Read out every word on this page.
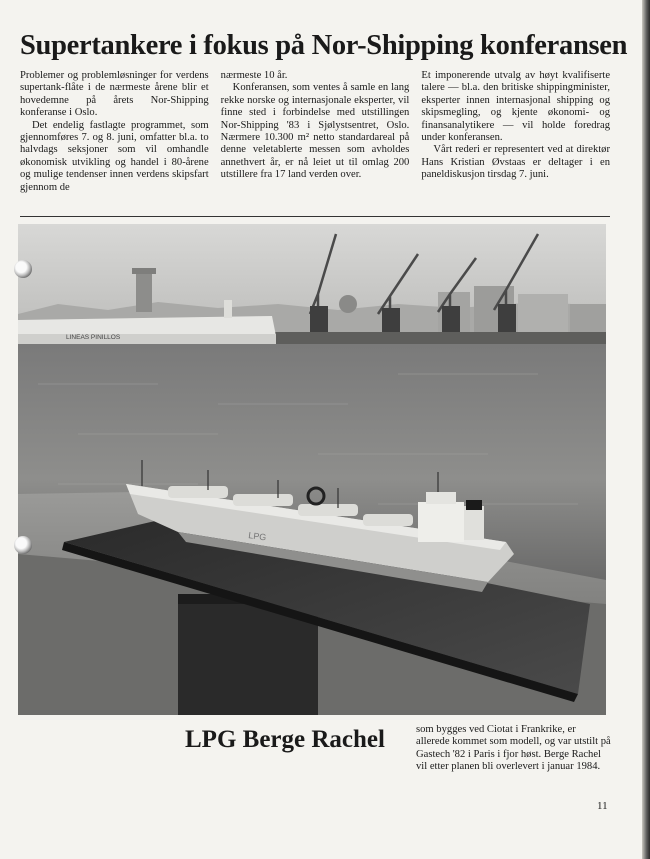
Supertankere i fokus på Nor-Shipping konferansen

Problemer og problemløsninger for verdens supertank-flåte i de nærmeste årene blir et hovedemne på årets Nor-Shipping konferanse i Oslo.

Det endelig fastlagte programmet, som gjennomføres 7. og 8. juni, omfatter bl.a. to halvdags seksjoner som vil omhandle økonomisk utvikling og handel i 80-årene og mulige tendenser innen verdens skipsfart gjennom de

nærmeste 10 år.

Konferansen, som ventes å samle en lang rekke norske og internasjonale eksperter, vil finne sted i forbindelse med utstillingen Nor-Shipping '83 i Sjølystsentret, Oslo. Nærmere 10.300 m² netto standardareal på denne veletablerte messen som avholdes annethvert år, er nå leiet ut til omlag 200 utstillere fra 17 land verden over.

Et imponerende utvalg av høyt kvalifiserte talere — bl.a. den britiske shippingminister, eksperter innen internasjonal shipping og skipsmegling, og kjente økonomi- og finansanalytikere — vil holde foredrag under konferansen.

Vårt rederi er representert ved at direktør Hans Kristian Øvstaas er deltager i en paneldiskusjon tirsdag 7. juni.

LINEAS PINILLOS
LPG
LPG Berge Rachel	som bygges ved Ciotat i Frankrike, er allerede kommet som modell, og var utstilt på Gastech '82 i Paris i fjor høst. Berge Rachel vil etter planen bli overlevert i januar 1984.
11
